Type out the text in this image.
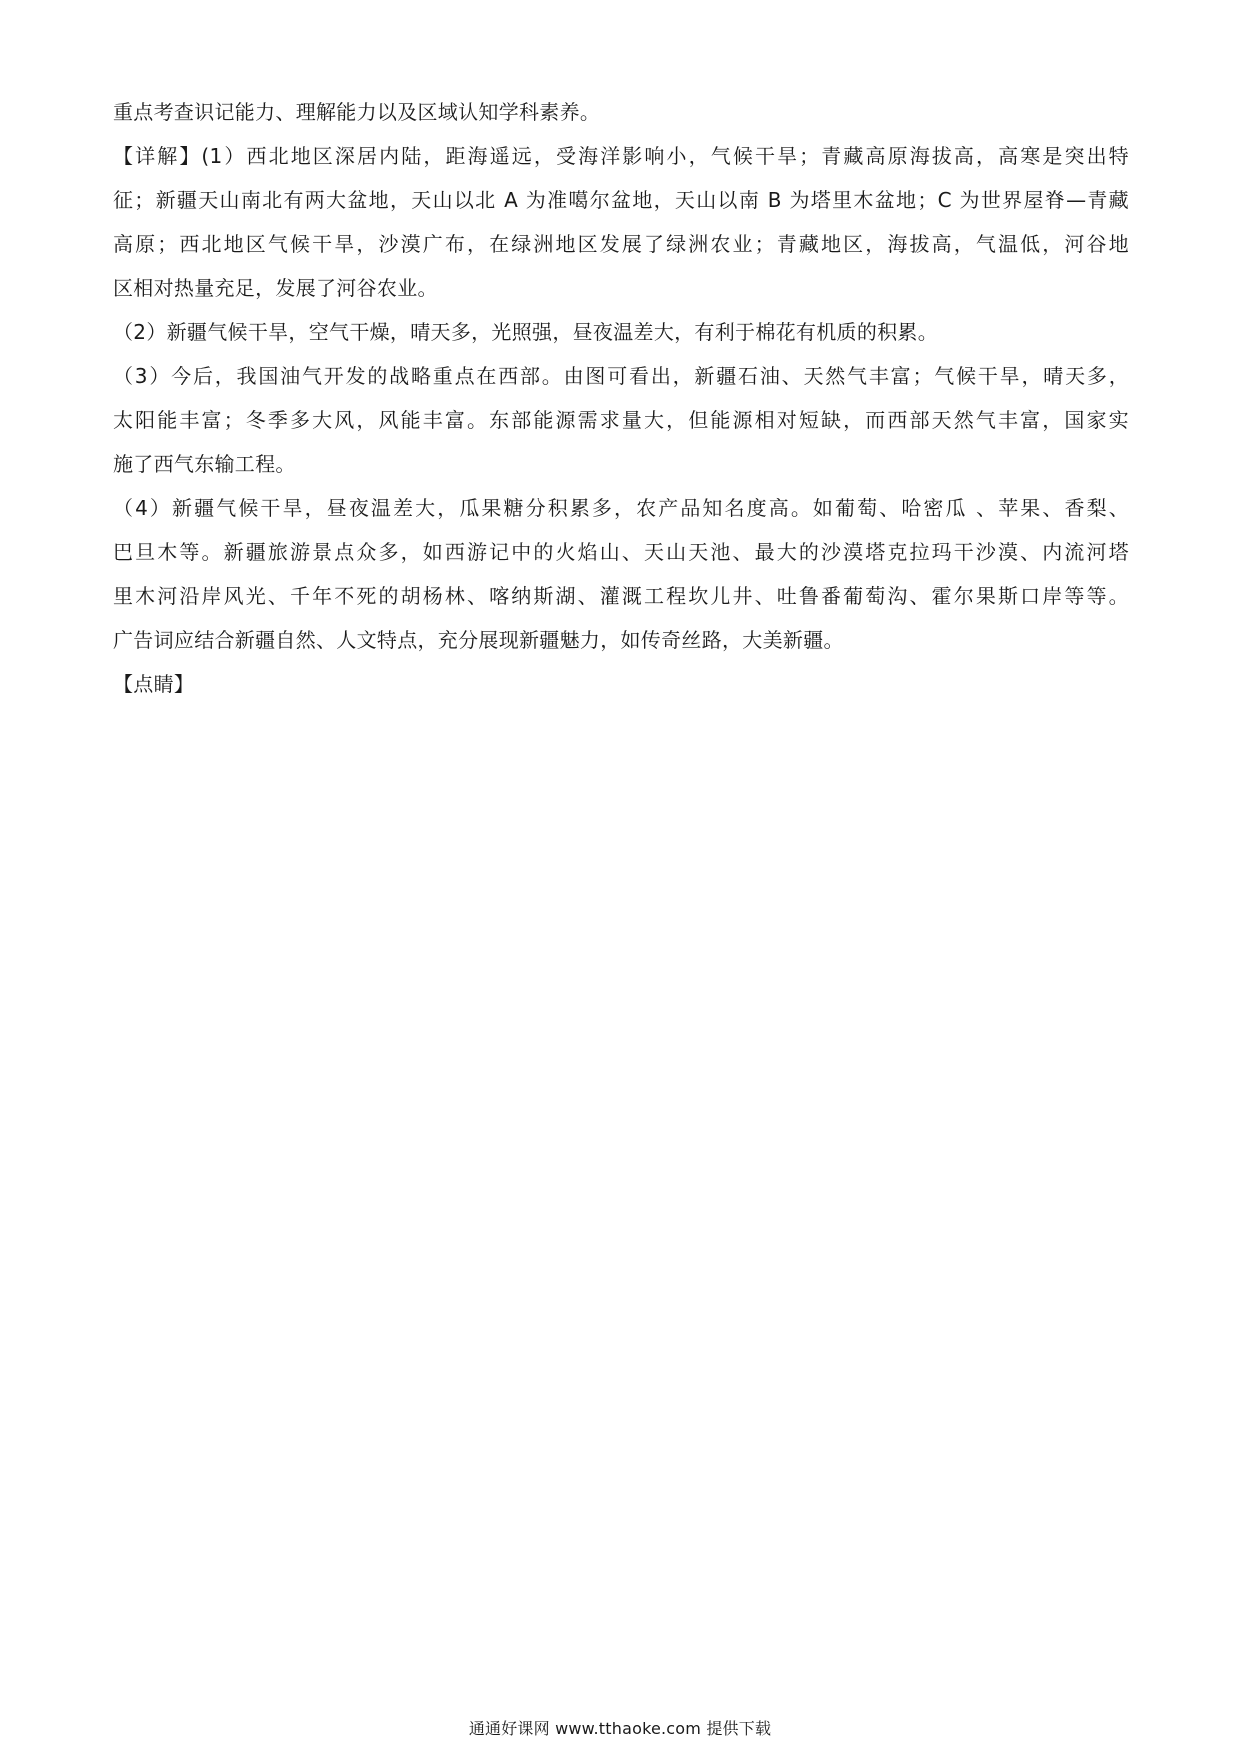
重点考查识记能力、理解能力以及区域认知学科素养。
【详解】(1）西北地区深居内陆，距海遥远，受海洋影响小，气候干旱；青藏高原海拔高，高寒是突出特
征；新疆天山南北有两大盆地，天山以北 A 为准噶尔盆地，天山以南 B 为塔里木盆地；C 为世界屋脊—青藏
高原；西北地区气候干旱，沙漠广布，在绿洲地区发展了绿洲农业；青藏地区，海拔高，气温低，河谷地
区相对热量充足，发展了河谷农业。
（2）新疆气候干旱，空气干燥，晴天多，光照强，昼夜温差大，有利于棉花有机质的积累。
（3）今后，我国油气开发的战略重点在西部。由图可看出，新疆石油、天然气丰富；气候干旱，晴天多，
太阳能丰富；冬季多大风，风能丰富。东部能源需求量大，但能源相对短缺，而西部天然气丰富，国家实
施了西气东输工程。
（4）新疆气候干旱，昼夜温差大，瓜果糖分积累多，农产品知名度高。如葡萄、哈密瓜 、苹果、香梨、
巴旦木等。新疆旅游景点众多，如西游记中的火焰山、天山天池、最大的沙漠塔克拉玛干沙漠、内流河塔
里木河沿岸风光、千年不死的胡杨林、喀纳斯湖、灌溉工程坎儿井、吐鲁番葡萄沟、霍尔果斯口岸等等。
广告词应结合新疆自然、人文特点，充分展现新疆魅力，如传奇丝路，大美新疆。
【点睛】
通通好课网 www.tthaoke.com 提供下载
